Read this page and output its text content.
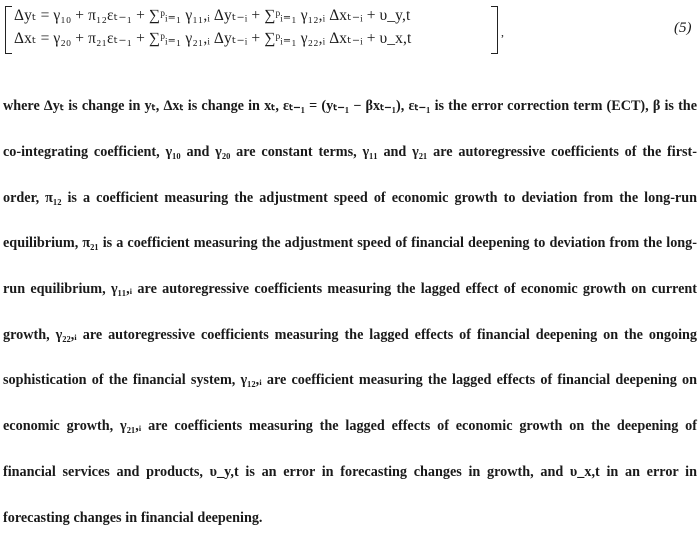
Δyₜ = γ₁₀ + π₁₂εₜ₋₁ + ∑ᵖᵢ₌₁ γ₁₁,ᵢ Δyₜ₋ᵢ + ∑ᵖᵢ₌₁ γ₁₂,ᵢ Δxₜ₋ᵢ + υ_y,t
Δxₜ = γ₂₀ + π₂₁εₜ₋₁ + ∑ᵖᵢ₌₁ γ₂₁,ᵢ Δyₜ₋ᵢ + ∑ᵖᵢ₌₁ γ₂₂,ᵢ Δxₜ₋ᵢ + υ_x,t	,	(5)

where Δyₜ is change in yₜ, Δxₜ is change in xₜ, εₜ₋₁ = (yₜ₋₁ − βxₜ₋₁), εₜ₋₁ is the error correction term (ECT), β is the co-integrating coefficient, γ₁₀ and γ₂₀ are constant terms, γ₁₁ and γ₂₁ are autoregressive coefficients of the first-order, π₁₂ is a coefficient measuring the adjustment speed of economic growth to deviation from the long-run equilibrium, π₂₁ is a coefficient measuring the adjustment speed of financial deepening to deviation from the long-run equilibrium, γ₁₁,ᵢ are autoregressive coefficients measuring the lagged effect of economic growth on current growth, γ₂₂,ᵢ are autoregressive coefficients measuring the lagged effects of financial deepening on the ongoing sophistication of the financial system, γ₁₂,ᵢ are coefficient measuring the lagged effects of financial deepening on economic growth, γ₂₁,ᵢ are coefficients measuring the lagged effects of economic growth on the deepening of financial services and products, υ_y,t is an error in forecasting changes in growth, and υ_x,t in an error in forecasting changes in financial deepening.
